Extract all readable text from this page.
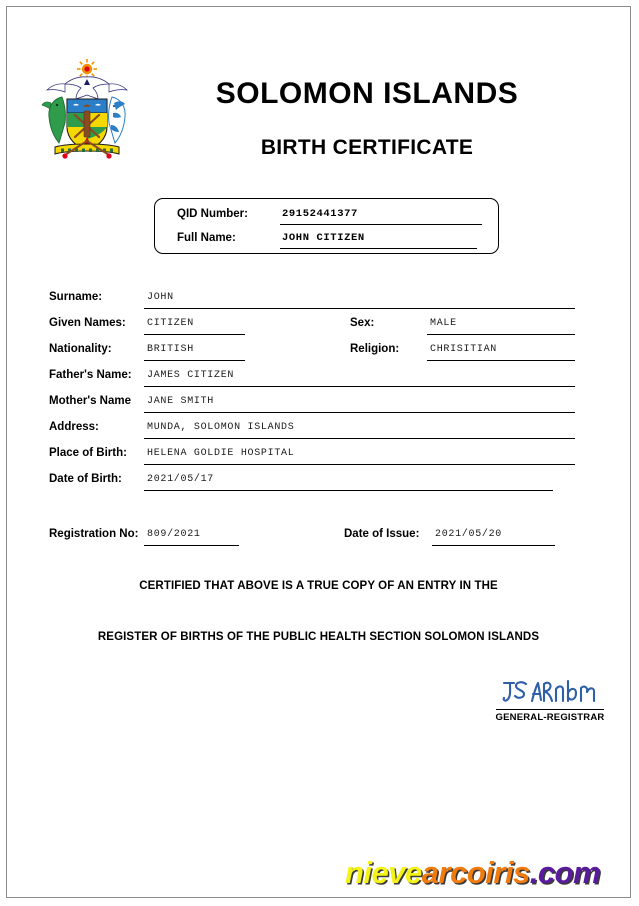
SOLOMON ISLANDS
BIRTH CERTIFICATE
QID Number:	29152441377
Full Name:	JOHN CITIZEN
Surname:	JOHN
Given Names: CITIZEN	Sex:	MALE
Nationality:	BRITISH	Religion:	CHRISITIAN
Father's Name: JAMES CITIZEN
Mother's Name JANE SMITH
Address:	MUNDA, SOLOMON ISLANDS
Place of Birth: HELENA GOLDIE HOSPITAL
Date of Birth:	2021/05/17
Registration No: 809/2021	Date of Issue: 2021/05/20
CERTIFIED THAT ABOVE IS A TRUE COPY OF AN ENTRY IN THE
REGISTER OF BIRTHS OF THE PUBLIC HEALTH SECTION SOLOMON ISLANDS
GENERAL-REGISTRAR
nievearcoiris.com
